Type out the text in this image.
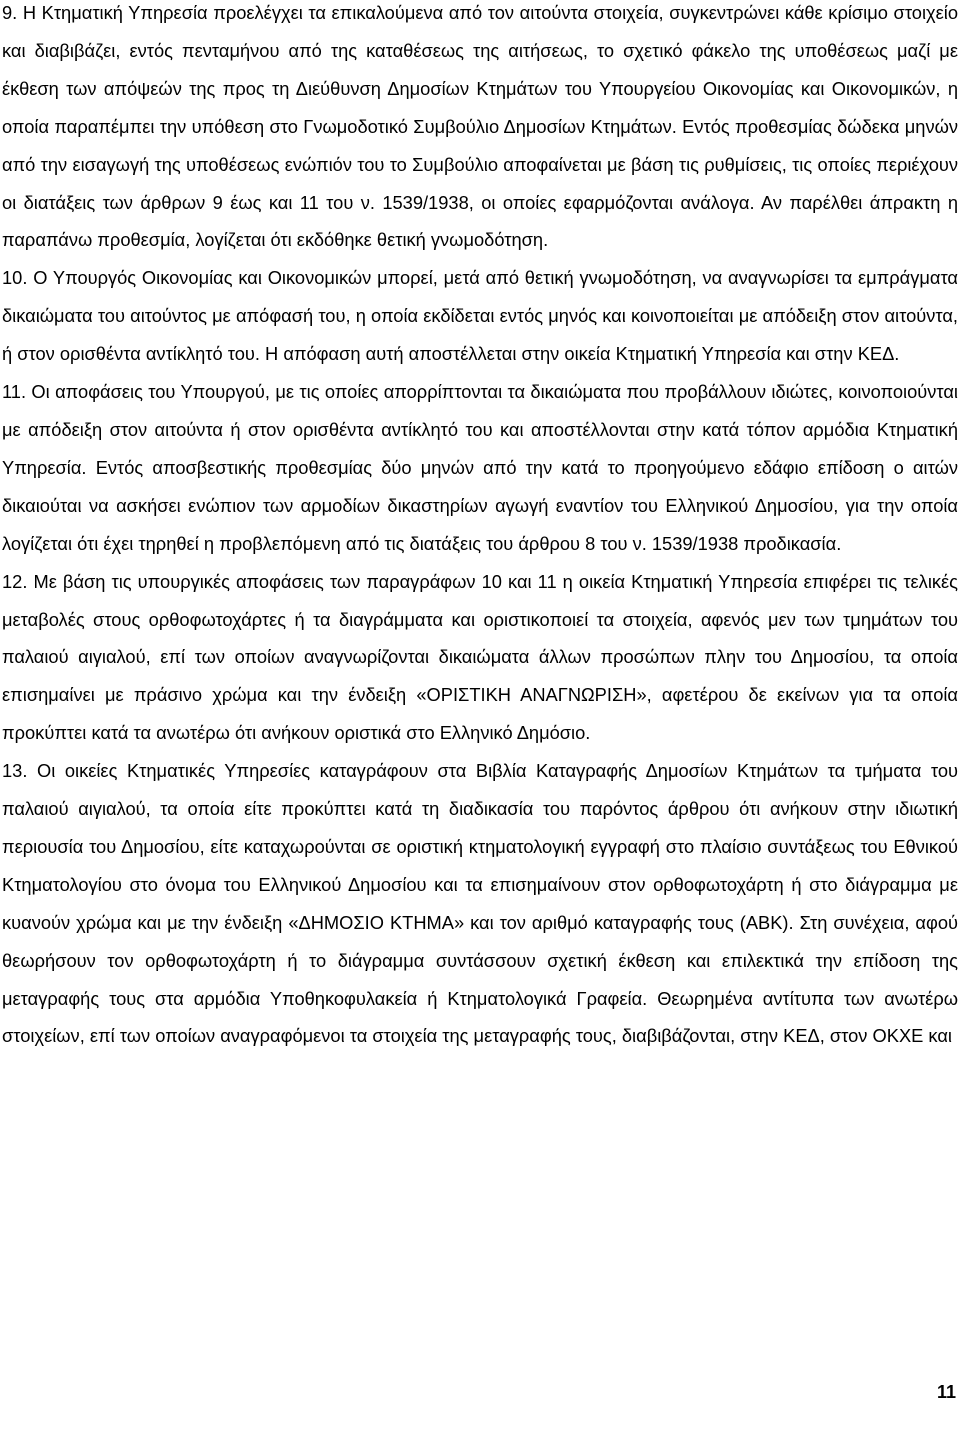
9. Η Κτηματική Υπηρεσία προελέγχει τα επικαλούμενα από τον αιτούντα στοιχεία, συγκεντρώνει κάθε κρίσιμο στοιχείο και διαβιβάζει, εντός πενταμήνου από της καταθέσεως της αιτήσεως, το σχετικό φάκελο της υποθέσεως μαζί με έκθεση των απόψεών της προς τη Διεύθυνση Δημοσίων Κτημάτων του Υπουργείου Οικονομίας και Οικονομικών, η οποία παραπέμπει την υπόθεση στο Γνωμοδοτικό Συμβούλιο Δημοσίων Κτημάτων. Εντός προθεσμίας δώδεκα μηνών από την εισαγωγή της υποθέσεως ενώπιόν του το Συμβούλιο αποφαίνεται με βάση τις ρυθμίσεις, τις οποίες περιέχουν οι διατάξεις των άρθρων 9 έως και 11 του ν. 1539/1938, οι οποίες εφαρμόζονται ανάλογα. Αν παρέλθει άπρακτη η παραπάνω προθεσμία, λογίζεται ότι εκδόθηκε θετική γνωμοδότηση.

10. Ο Υπουργός Οικονομίας και Οικονομικών μπορεί, μετά από θετική γνωμοδότηση, να αναγνωρίσει τα εμπράγματα δικαιώματα του αιτούντος με απόφασή του, η οποία εκδίδεται εντός μηνός και κοινοποιείται με απόδειξη στον αιτούντα, ή στον ορισθέντα αντίκλητό του. Η απόφαση αυτή αποστέλλεται στην οικεία Κτηματική Υπηρεσία και στην ΚΕΔ.

11. Οι αποφάσεις του Υπουργού, με τις οποίες απορρίπτονται τα δικαιώματα που προβάλλουν ιδιώτες, κοινοποιούνται με απόδειξη στον αιτούντα ή στον ορισθέντα αντίκλητό του και αποστέλλονται στην κατά τόπον αρμόδια Κτηματική Υπηρεσία. Εντός αποσβεστικής προθεσμίας δύο μηνών από την κατά το προηγούμενο εδάφιο επίδοση ο αιτών δικαιούται να ασκήσει ενώπιον των αρμοδίων δικαστηρίων αγωγή εναντίον του Ελληνικού Δημοσίου, για την οποία λογίζεται ότι έχει τηρηθεί η προβλεπόμενη από τις διατάξεις του άρθρου 8 του ν. 1539/1938 προδικασία.

12. Με βάση τις υπουργικές αποφάσεις των παραγράφων 10 και 11 η οικεία Κτηματική Υπηρεσία επιφέρει τις τελικές μεταβολές στους ορθοφωτοχάρτες ή τα διαγράμματα και οριστικοποιεί τα στοιχεία, αφενός μεν των τμημάτων του παλαιού αιγιαλού, επί των οποίων αναγνωρίζονται δικαιώματα άλλων προσώπων πλην του Δημοσίου, τα οποία επισημαίνει με πράσινο χρώμα και την ένδειξη «ΟΡΙΣΤΙΚΗ ΑΝΑΓΝΩΡΙΣΗ», αφετέρου δε εκείνων για τα οποία προκύπτει κατά τα ανωτέρω ότι ανήκουν οριστικά στο Ελληνικό Δημόσιο.

13. Οι οικείες Κτηματικές Υπηρεσίες καταγράφουν στα Βιβλία Καταγραφής Δημοσίων Κτημάτων τα τμήματα του παλαιού αιγιαλού, τα οποία είτε προκύπτει κατά τη διαδικασία του παρόντος άρθρου ότι ανήκουν στην ιδιωτική περιουσία του Δημοσίου, είτε καταχωρούνται σε οριστική κτηματολογική εγγραφή στο πλαίσιο συντάξεως του Εθνικού Κτηματολογίου στο όνομα του Ελληνικού Δημοσίου και τα επισημαίνουν στον ορθοφωτοχάρτη ή στο διάγραμμα με κυανούν χρώμα και με την ένδειξη «ΔΗΜΟΣΙΟ ΚΤΗΜΑ» και τον αριθμό καταγραφής τους (ΑΒΚ). Στη συνέχεια, αφού θεωρήσουν τον ορθοφωτοχάρτη ή το διάγραμμα συντάσσουν σχετική έκθεση και επιλεκτικά την επίδοση της μεταγραφής τους στα αρμόδια Υποθηκοφυλακεία ή Κτηματολογικά Γραφεία. Θεωρημένα αντίτυπα των ανωτέρω στοιχείων, επί των οποίων αναγραφόμενοι τα στοιχεία της μεταγραφής τους, διαβιβάζονται, στην ΚΕΔ, στον ΟΚΧΕ και

11
